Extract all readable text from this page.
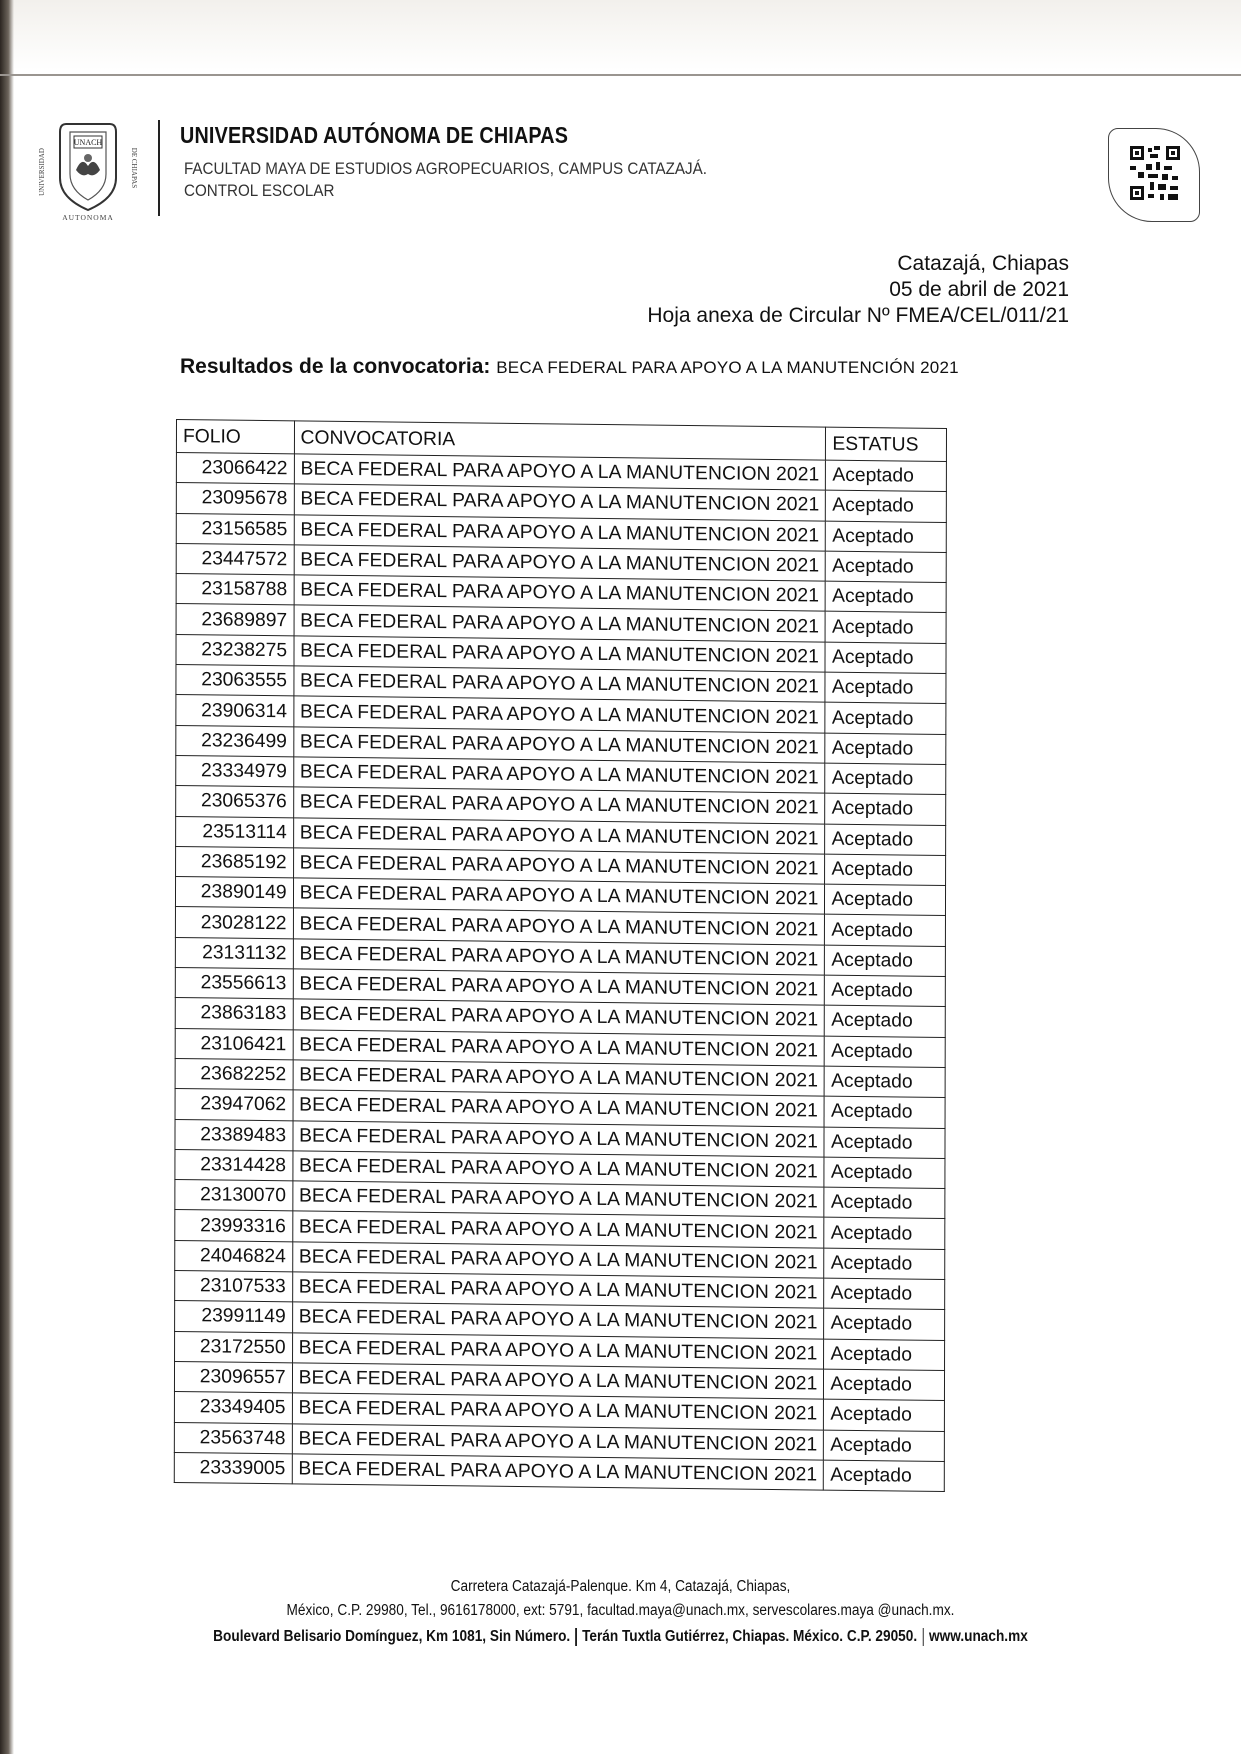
UNACH
UNIVERSIDAD	DE CHIAPAS
AUTONOMA
UNIVERSIDAD AUTÓNOMA DE CHIAPAS
FACULTAD MAYA DE ESTUDIOS AGROPECUARIOS, CAMPUS CATAZAJÁ.
CONTROL ESCOLAR
Catazajá, Chiapas
05 de abril de 2021
Hoja anexa de Circular Nº FMEA/CEL/011/21
Resultados de la convocatoria: BECA FEDERAL PARA APOYO A LA MANUTENCIÓN 2021
FOLIO	CONVOCATORIA	ESTATUS
23066422	BECA FEDERAL PARA APOYO A LA MANUTENCION 2021	Aceptado
23095678	BECA FEDERAL PARA APOYO A LA MANUTENCION 2021	Aceptado
23156585	BECA FEDERAL PARA APOYO A LA MANUTENCION 2021	Aceptado
23447572	BECA FEDERAL PARA APOYO A LA MANUTENCION 2021	Aceptado
23158788	BECA FEDERAL PARA APOYO A LA MANUTENCION 2021	Aceptado
23689897	BECA FEDERAL PARA APOYO A LA MANUTENCION 2021	Aceptado
23238275	BECA FEDERAL PARA APOYO A LA MANUTENCION 2021	Aceptado
23063555	BECA FEDERAL PARA APOYO A LA MANUTENCION 2021	Aceptado
23906314	BECA FEDERAL PARA APOYO A LA MANUTENCION 2021	Aceptado
23236499	BECA FEDERAL PARA APOYO A LA MANUTENCION 2021	Aceptado
23334979	BECA FEDERAL PARA APOYO A LA MANUTENCION 2021	Aceptado
23065376	BECA FEDERAL PARA APOYO A LA MANUTENCION 2021	Aceptado
23513114	BECA FEDERAL PARA APOYO A LA MANUTENCION 2021	Aceptado
23685192	BECA FEDERAL PARA APOYO A LA MANUTENCION 2021	Aceptado
23890149	BECA FEDERAL PARA APOYO A LA MANUTENCION 2021	Aceptado
23028122	BECA FEDERAL PARA APOYO A LA MANUTENCION 2021	Aceptado
23131132	BECA FEDERAL PARA APOYO A LA MANUTENCION 2021	Aceptado
23556613	BECA FEDERAL PARA APOYO A LA MANUTENCION 2021	Aceptado
23863183	BECA FEDERAL PARA APOYO A LA MANUTENCION 2021	Aceptado
23106421	BECA FEDERAL PARA APOYO A LA MANUTENCION 2021	Aceptado
23682252	BECA FEDERAL PARA APOYO A LA MANUTENCION 2021	Aceptado
23947062	BECA FEDERAL PARA APOYO A LA MANUTENCION 2021	Aceptado
23389483	BECA FEDERAL PARA APOYO A LA MANUTENCION 2021	Aceptado
23314428	BECA FEDERAL PARA APOYO A LA MANUTENCION 2021	Aceptado
23130070	BECA FEDERAL PARA APOYO A LA MANUTENCION 2021	Aceptado
23993316	BECA FEDERAL PARA APOYO A LA MANUTENCION 2021	Aceptado
24046824	BECA FEDERAL PARA APOYO A LA MANUTENCION 2021	Aceptado
23107533	BECA FEDERAL PARA APOYO A LA MANUTENCION 2021	Aceptado
23991149	BECA FEDERAL PARA APOYO A LA MANUTENCION 2021	Aceptado
23172550	BECA FEDERAL PARA APOYO A LA MANUTENCION 2021	Aceptado
23096557	BECA FEDERAL PARA APOYO A LA MANUTENCION 2021	Aceptado
23349405	BECA FEDERAL PARA APOYO A LA MANUTENCION 2021	Aceptado
23563748	BECA FEDERAL PARA APOYO A LA MANUTENCION 2021	Aceptado
23339005	BECA FEDERAL PARA APOYO A LA MANUTENCION 2021	Aceptado
Carretera Catazajá-Palenque. Km 4, Catazajá, Chiapas,
México, C.P. 29980, Tel., 9616178000, ext: 5791, facultad.maya@unach.mx, servescolares.maya @unach.mx.
Boulevard Belisario Domínguez, Km 1081, Sin Número. Terán Tuxtla Gutiérrez, Chiapas. México. C.P. 29050. www.unach.mx
